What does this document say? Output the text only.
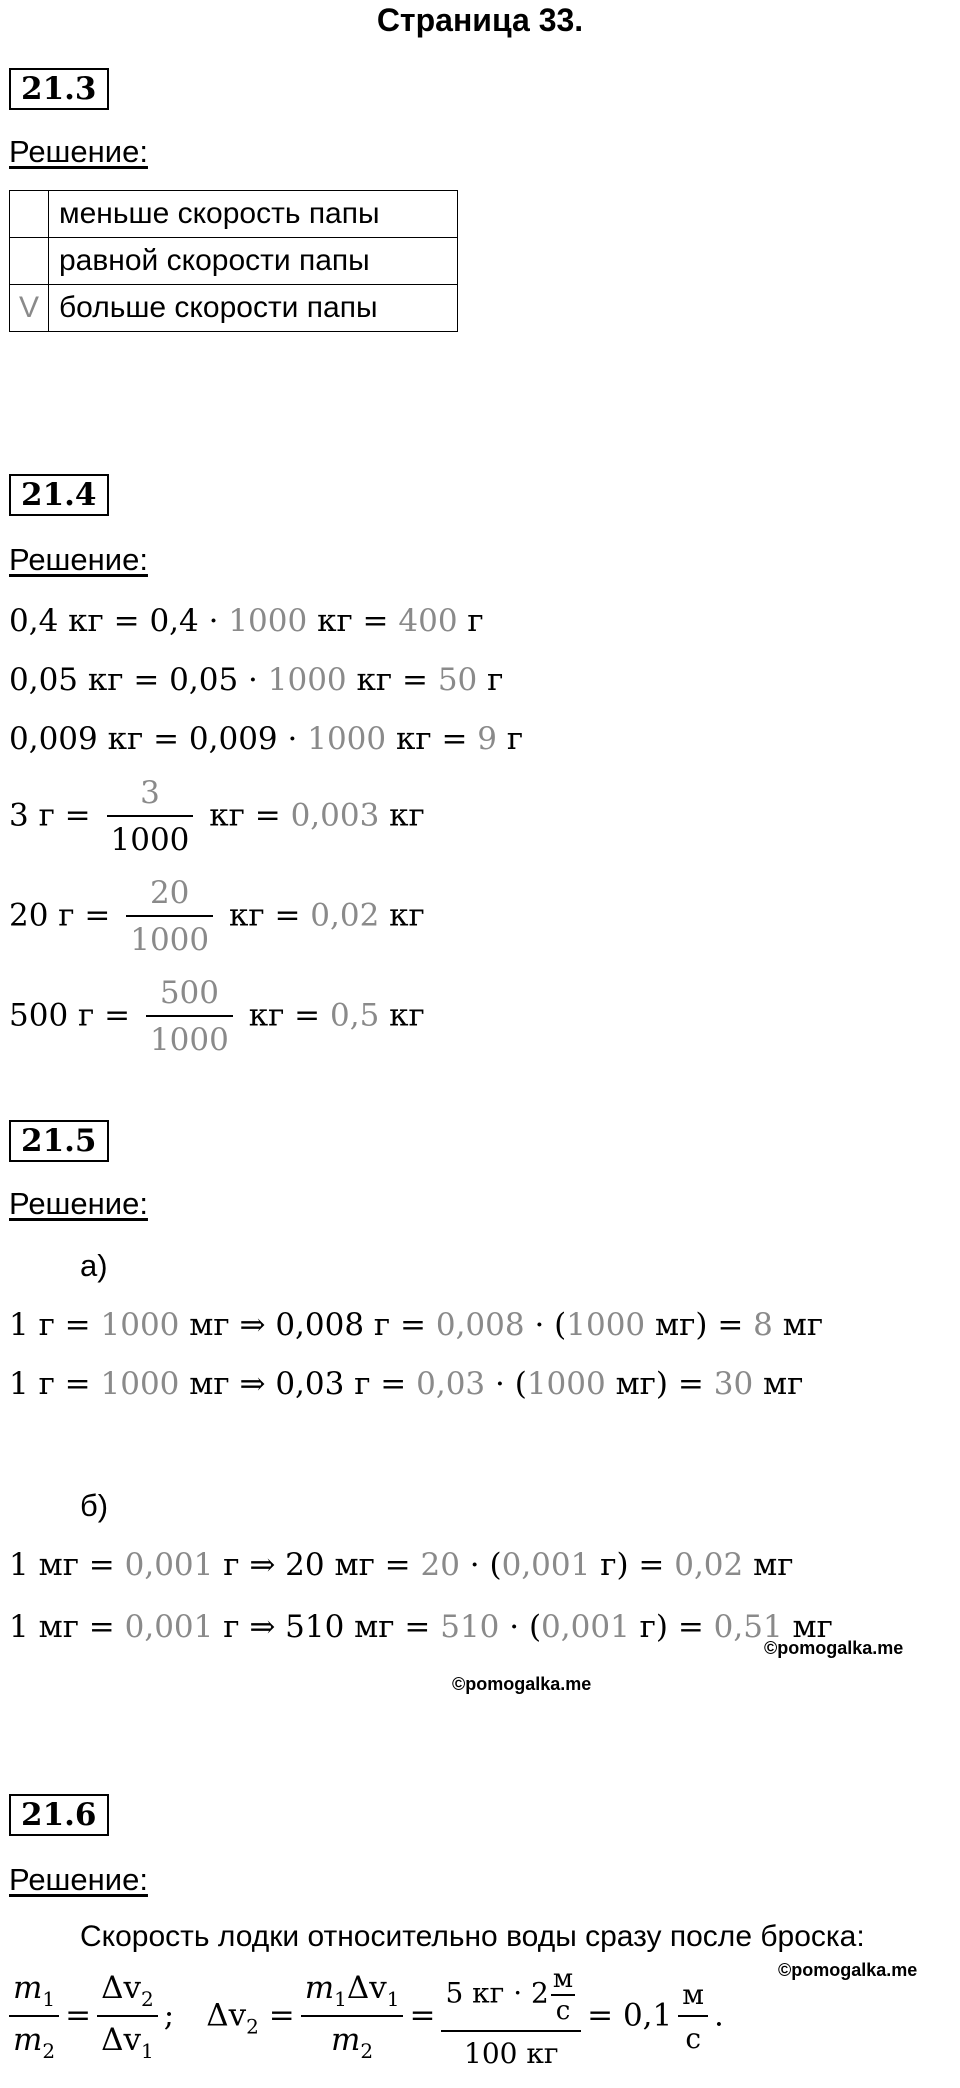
Страница 33.
21.3
Решение:
	меньше скорость папы
	равной скорости папы
V	больше скорости папы
21.4
Решение:
0,4 кг = 0,4 · 1000 кг = 400 г
0,05 кг = 0,05 · 1000 кг = 50 г
0,009 кг = 0,009 · 1000 кг = 9 г
3 $г = \frac{3}{1000}$ кг = 0,003 кг
20 $г = \frac{20}{1000}$ кг = 0,02 кг
500 $г = \frac{500}{1000}$ кг = 0,5 кг
21.5
Решение:
а)
1 г = 1000 мг ⇒ 0,008 г = 0,008 · (1000 мг) = 8 мг
1 г = 1000 мг ⇒ 0,03 г = 0,03 · (1000 мг) = 30 мг
б)
1 мг = 0,001 г ⇒ 20 мг = 20 · (0,001 г) = 0,02 мг
1 мг = 0,001 г ⇒ 510 мг = 510 · (0,001 г) = 0,51 мг
©pomogalka.me
©pomogalka.me
21.6
Решение:
Скорость лодки относительно воды сразу после броска:
©pomogalka.me
$\frac{m_1}{m_2} = \frac{\Delta v_2}{\Delta v_1}$ ; $\Delta v_2 = \frac{m_1\Delta v_1}{m_2} = \frac{5 кг \cdot 2 \frac{м}{с}}{100 кг} = 0,1 \frac{м}{с}$ .
